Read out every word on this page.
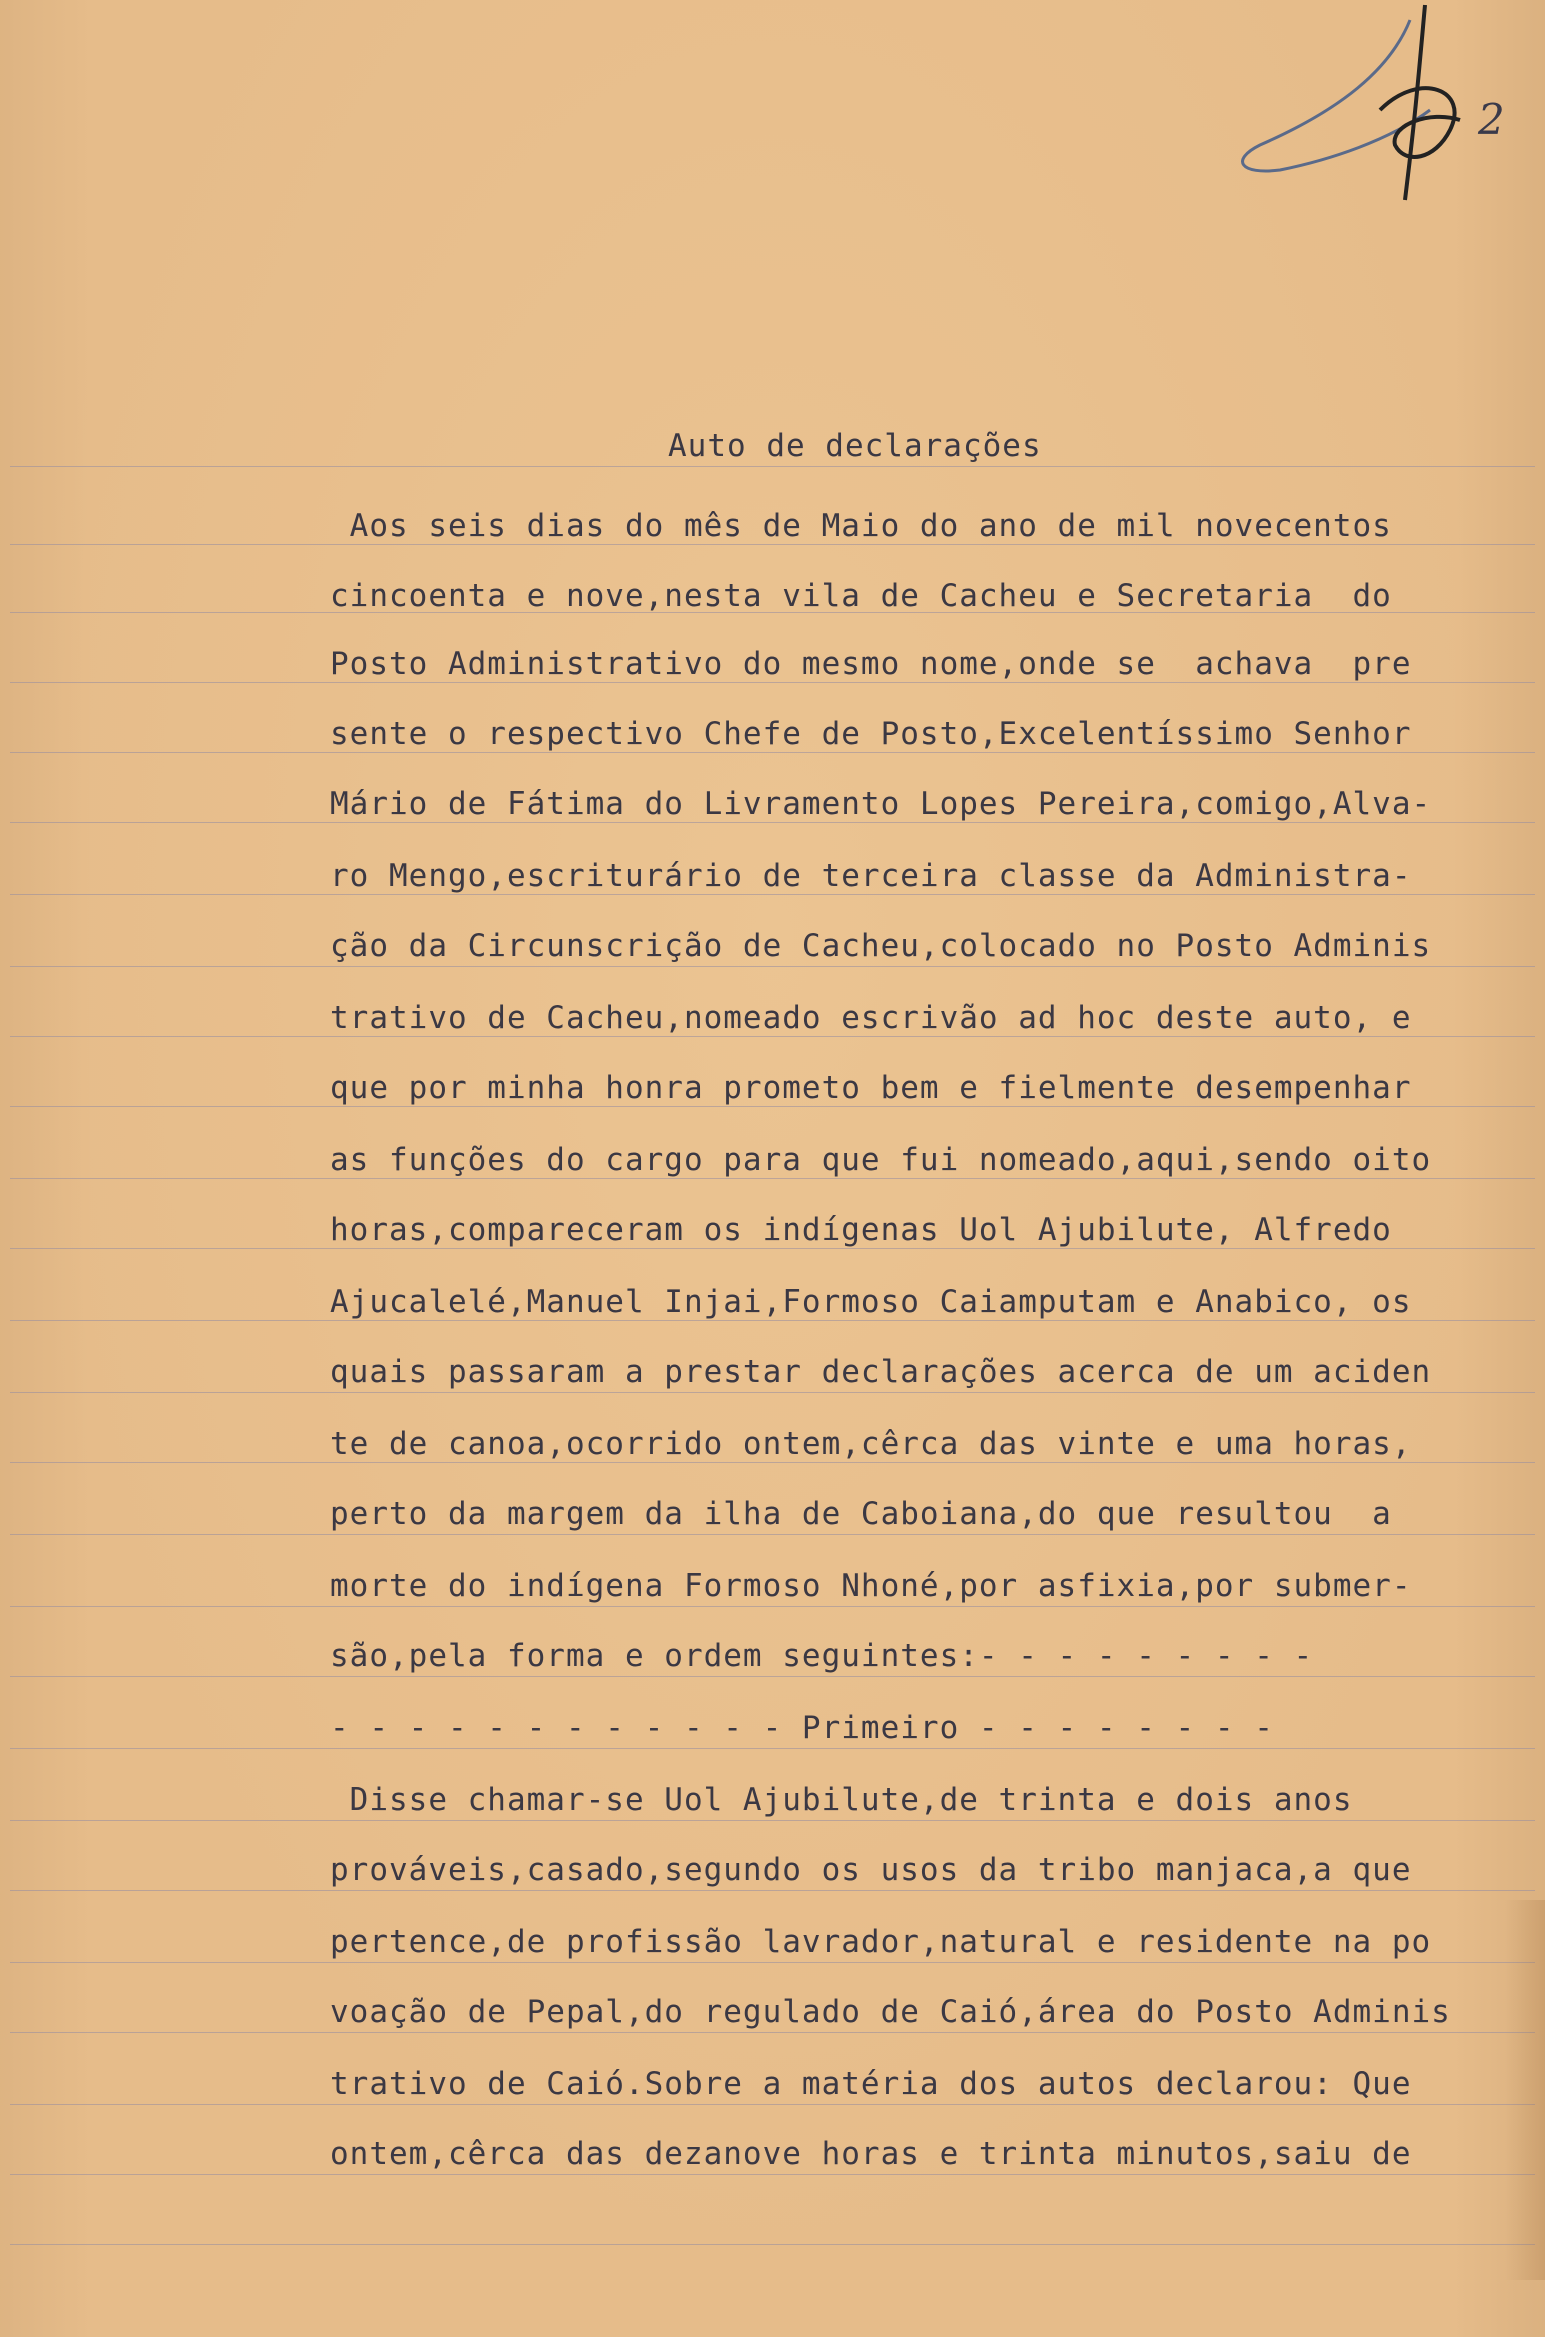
2
Auto de declarações
Aos seis dias do mês de Maio do ano de mil novecentos
cincoenta e nove,nesta vila de Cacheu e Secretaria  do
Posto Administrativo do mesmo nome,onde se  achava  pre
sente o respectivo Chefe de Posto,Excelentíssimo Senhor
Mário de Fátima do Livramento Lopes Pereira,comigo,Alva-
ro Mengo,escriturário de terceira classe da Administra-
ção da Circunscrição de Cacheu,colocado no Posto Adminis
trativo de Cacheu,nomeado escrivão ad hoc deste auto, e
que por minha honra prometo bem e fielmente desempenhar
as funções do cargo para que fui nomeado,aqui,sendo oito
horas,compareceram os indígenas Uol Ajubilute, Alfredo
Ajucalelé,Manuel Injai,Formoso Caiamputam e Anabico, os
quais passaram a prestar declarações acerca de um aciden
te de canoa,ocorrido ontem,cêrca das vinte e uma horas,
perto da margem da ilha de Caboiana,do que resultou  a
morte do indígena Formoso Nhoné,por asfixia,por submer-
são,pela forma e ordem seguintes:- - - - - - - - -
- - - - - - - - - - - - Primeiro - - - - - - - -
Disse chamar-se Uol Ajubilute,de trinta e dois anos
prováveis,casado,segundo os usos da tribo manjaca,a que
pertence,de profissão lavrador,natural e residente na po
voação de Pepal,do regulado de Caió,área do Posto Adminis
trativo de Caió.Sobre a matéria dos autos declarou: Que
ontem,cêrca das dezanove horas e trinta minutos,saiu de
